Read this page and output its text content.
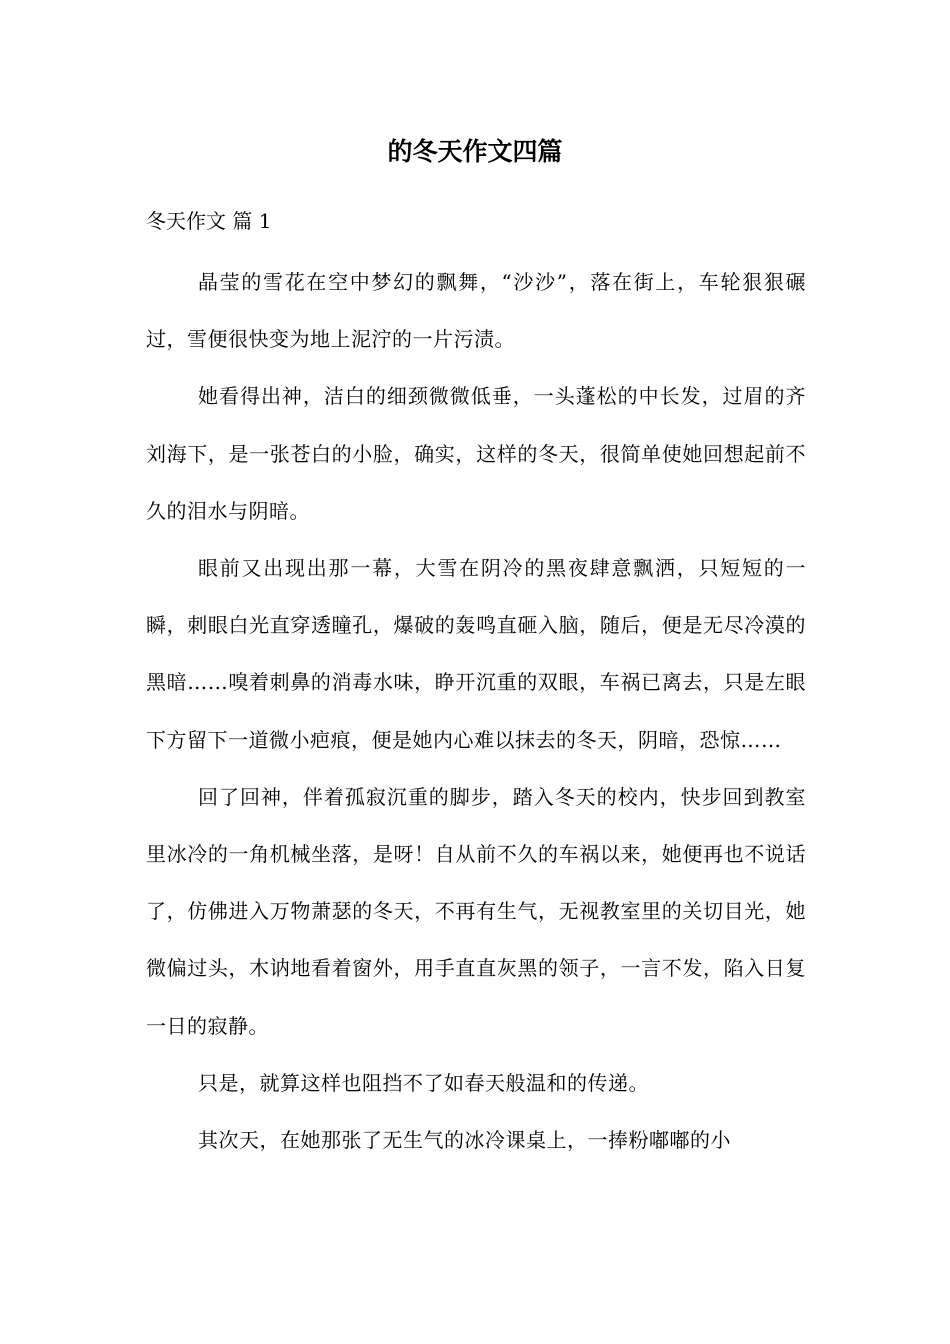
的冬天作文四篇
冬天作文 篇 1

晶莹的雪花在空中梦幻的飘舞，“沙沙”，落在街上，车轮狠狠碾过，雪便很快变为地上泥泞的一片污渍。

她看得出神，洁白的细颈微微低垂，一头蓬松的中长发，过眉的齐刘海下，是一张苍白的小脸，确实，这样的冬天，很简单使她回想起前不久的泪水与阴暗。

眼前又出现出那一幕，大雪在阴冷的黑夜肆意飘洒，只短短的一瞬，刺眼白光直穿透瞳孔，爆破的轰鸣直砸入脑，随后，便是无尽冷漠的黑暗……嗅着刺鼻的消毒水味，睁开沉重的双眼，车祸已离去，只是左眼下方留下一道微小疤痕，便是她内心难以抹去的冬天，阴暗，恐惊……

回了回神，伴着孤寂沉重的脚步，踏入冬天的校内，快步回到教室里冰冷的一角机械坐落，是呀！自从前不久的车祸以来，她便再也不说话了，仿佛进入万物萧瑟的冬天，不再有生气，无视教室里的关切目光，她微偏过头，木讷地看着窗外，用手直直灰黑的领子，一言不发，陷入日复一日的寂静。

只是，就算这样也阻挡不了如春天般温和的传递。

其次天，在她那张了无生气的冰冷课桌上，一捧粉嘟嘟的小
